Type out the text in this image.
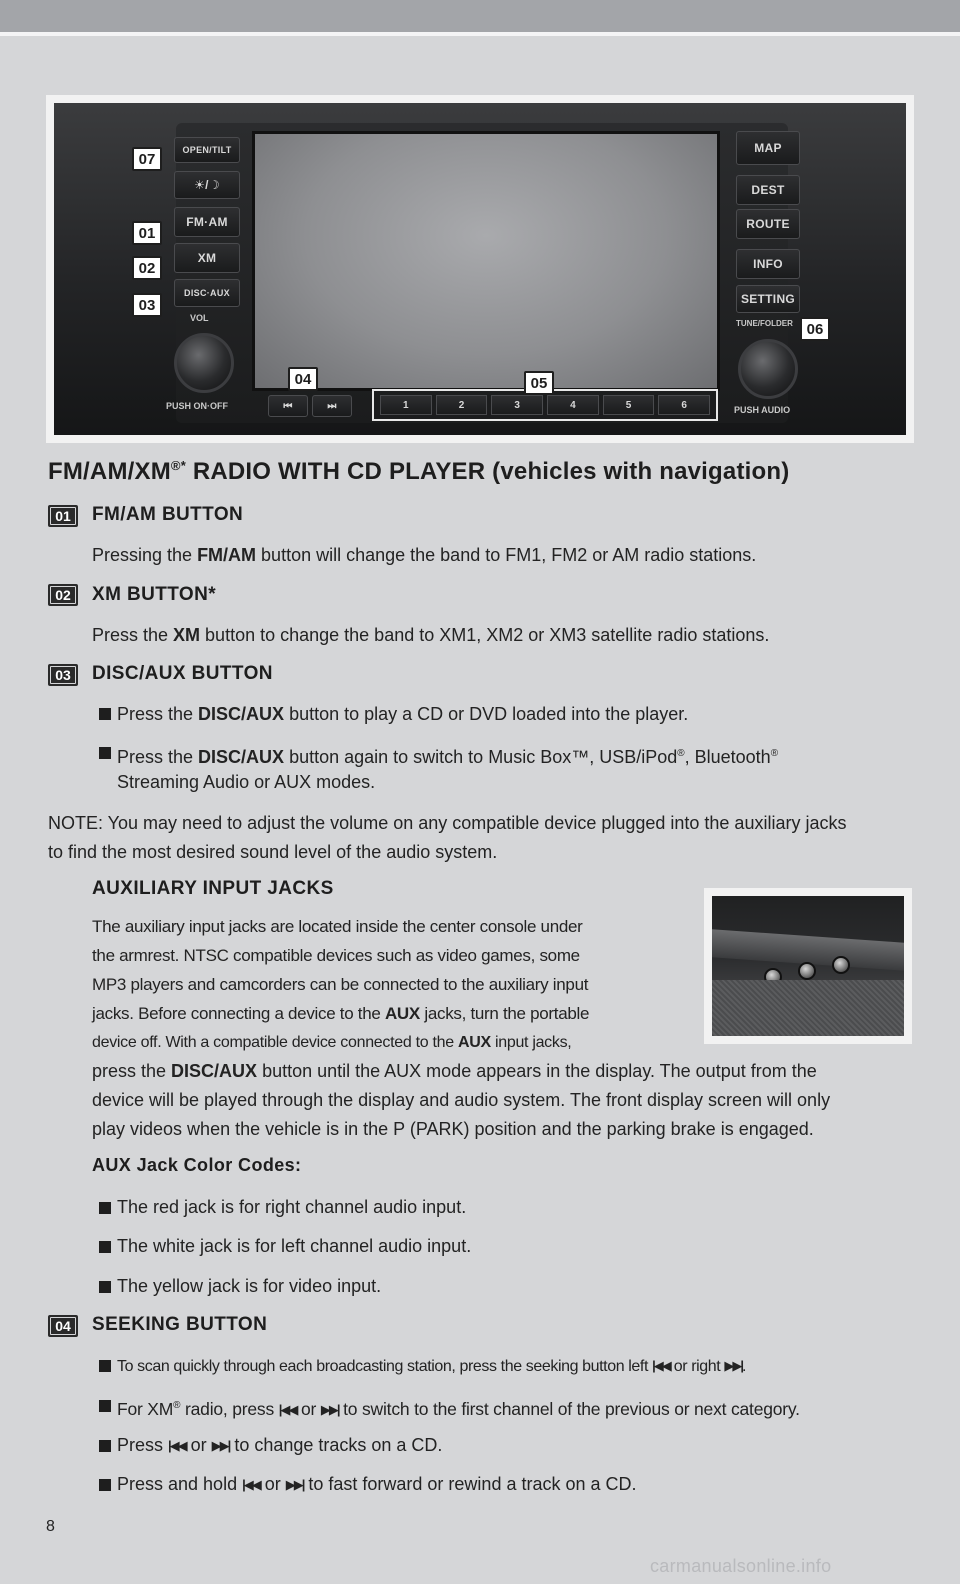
OPEN/TILT
☀/☽
FM·AM
XM
DISC·AUX
VOL
PUSH ON·OFF	⏮	⏭	1	2	3	4	5	6
MAP
DEST
ROUTE
INFO
SETTING
TUNE/FOLDER
PUSH AUDIO
07
01
02
03
04	05
06
FM/AM/XM®* RADIO WITH CD PLAYER (vehicles with navigation)
01	FM/AM BUTTON
Pressing the FM/AM button will change the band to FM1, FM2 or AM radio stations.
02	XM BUTTON*
Press the XM button to change the band to XM1, XM2 or XM3 satellite radio stations.
03	DISC/AUX BUTTON
Press the DISC/AUX button to play a CD or DVD loaded into the player.
Press the DISC/AUX button again to switch to Music Box™, USB/iPod®, Bluetooth®
Streaming Audio or AUX modes.
NOTE: You may need to adjust the volume on any compatible device plugged into the auxiliary jacks
to find the most desired sound level of the audio system.
AUXILIARY INPUT JACKS
The auxiliary input jacks are located inside the center console under
the armrest. NTSC compatible devices such as video games, some
MP3 players and camcorders can be connected to the auxiliary input
jacks. Before connecting a device to the AUX jacks, turn the portable
device off. With a compatible device connected to the AUX input jacks,
press the DISC/AUX button until the AUX mode appears in the display. The output from the
device will be played through the display and audio system. The front display screen will only
play videos when the vehicle is in the P (PARK) position and the parking brake is engaged.
AUX Jack Color Codes:
The red jack is for right channel audio input.
The white jack is for left channel audio input.
The yellow jack is for video input.
04	SEEKING BUTTON
To scan quickly through each broadcasting station, press the seeking button left |◀◀ or right ▶▶|.
For XM® radio, press |◀◀ or ▶▶| to switch to the first channel of the previous or next category.
Press |◀◀ or ▶▶| to change tracks on a CD.
Press and hold |◀◀ or ▶▶| to fast forward or rewind a track on a CD.
8
carmanualsonline.info
